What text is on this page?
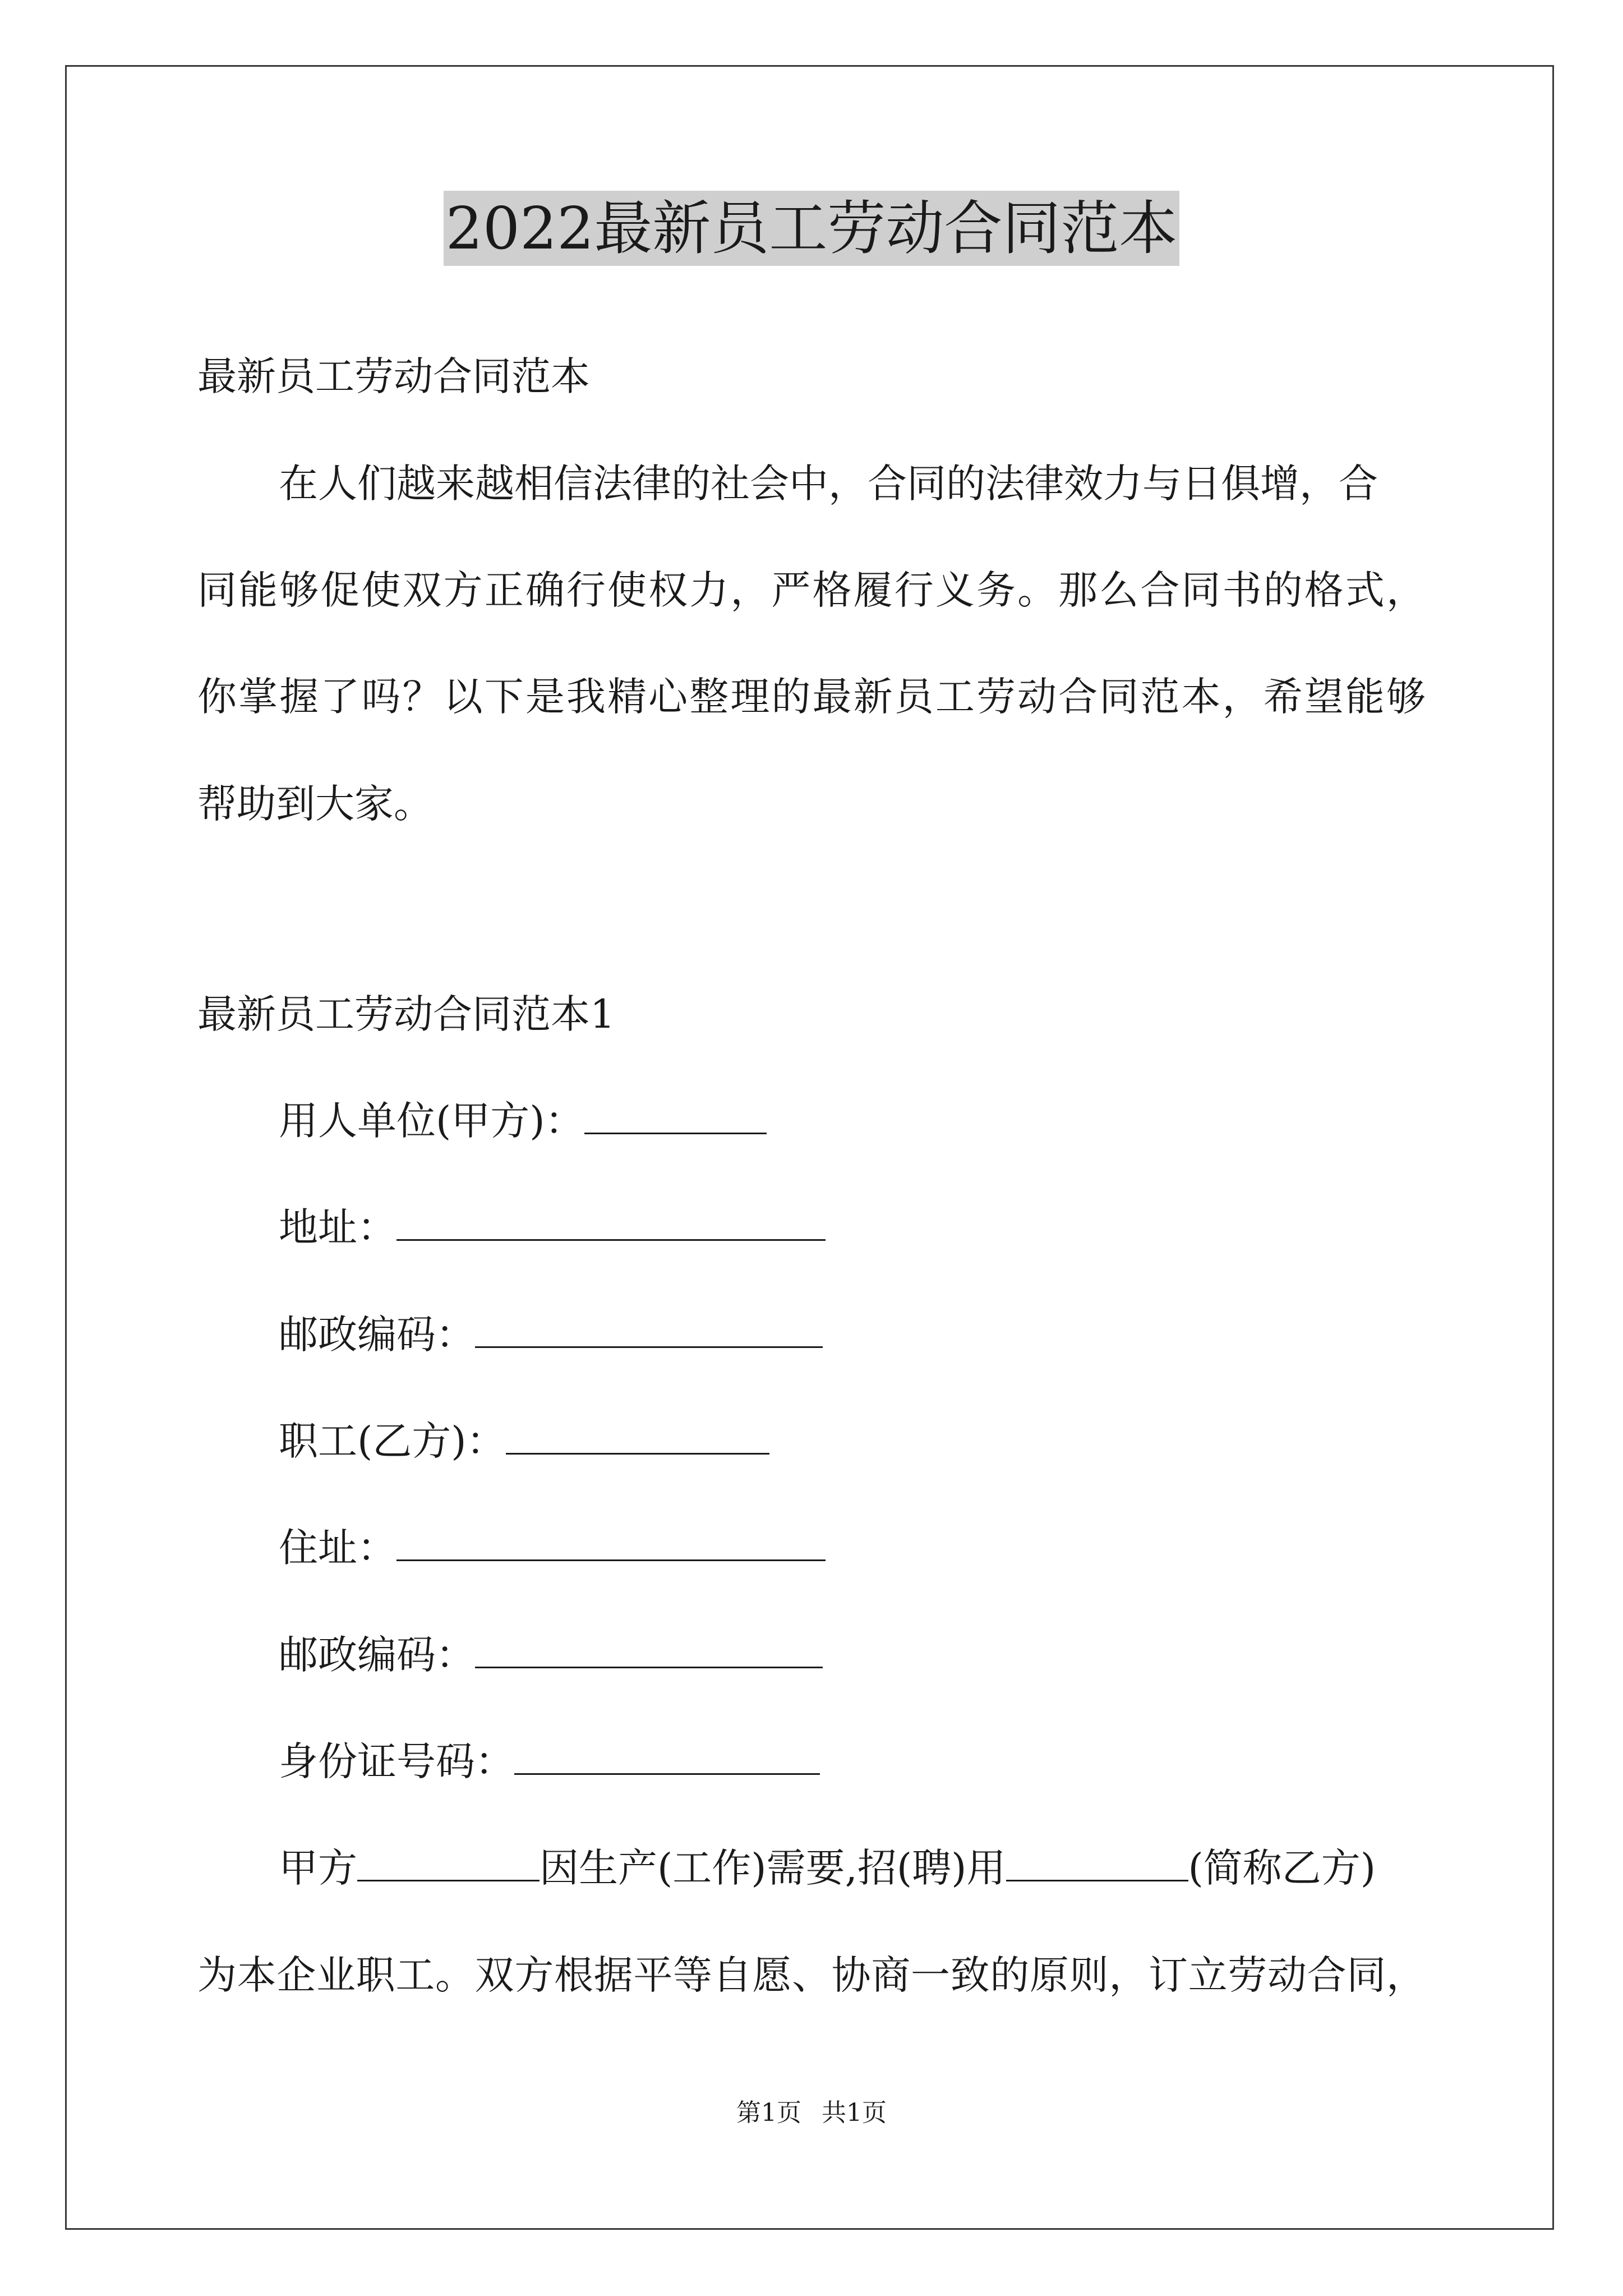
2022最新员工劳动合同范本

最新员工劳动合同范本

在人们越来越相信法律的社会中，合同的法律效力与日俱增，合

同能够促使双方正确行使权力，严格履行义务。那么合同书的格式，

你掌握了吗？以下是我精心整理的最新员工劳动合同范本，希望能够

帮助到大家。

最新员工劳动合同范本1

用人单位(甲方)：

地址：

邮政编码：

职工(乙方)：

住址：

邮政编码：

身份证号码：

甲方	因生产(工作)需要,招(聘)用	(简称乙方)

为本企业职工。双方根据平等自愿、协商一致的原则，订立劳动合同，

第1页 共1页
